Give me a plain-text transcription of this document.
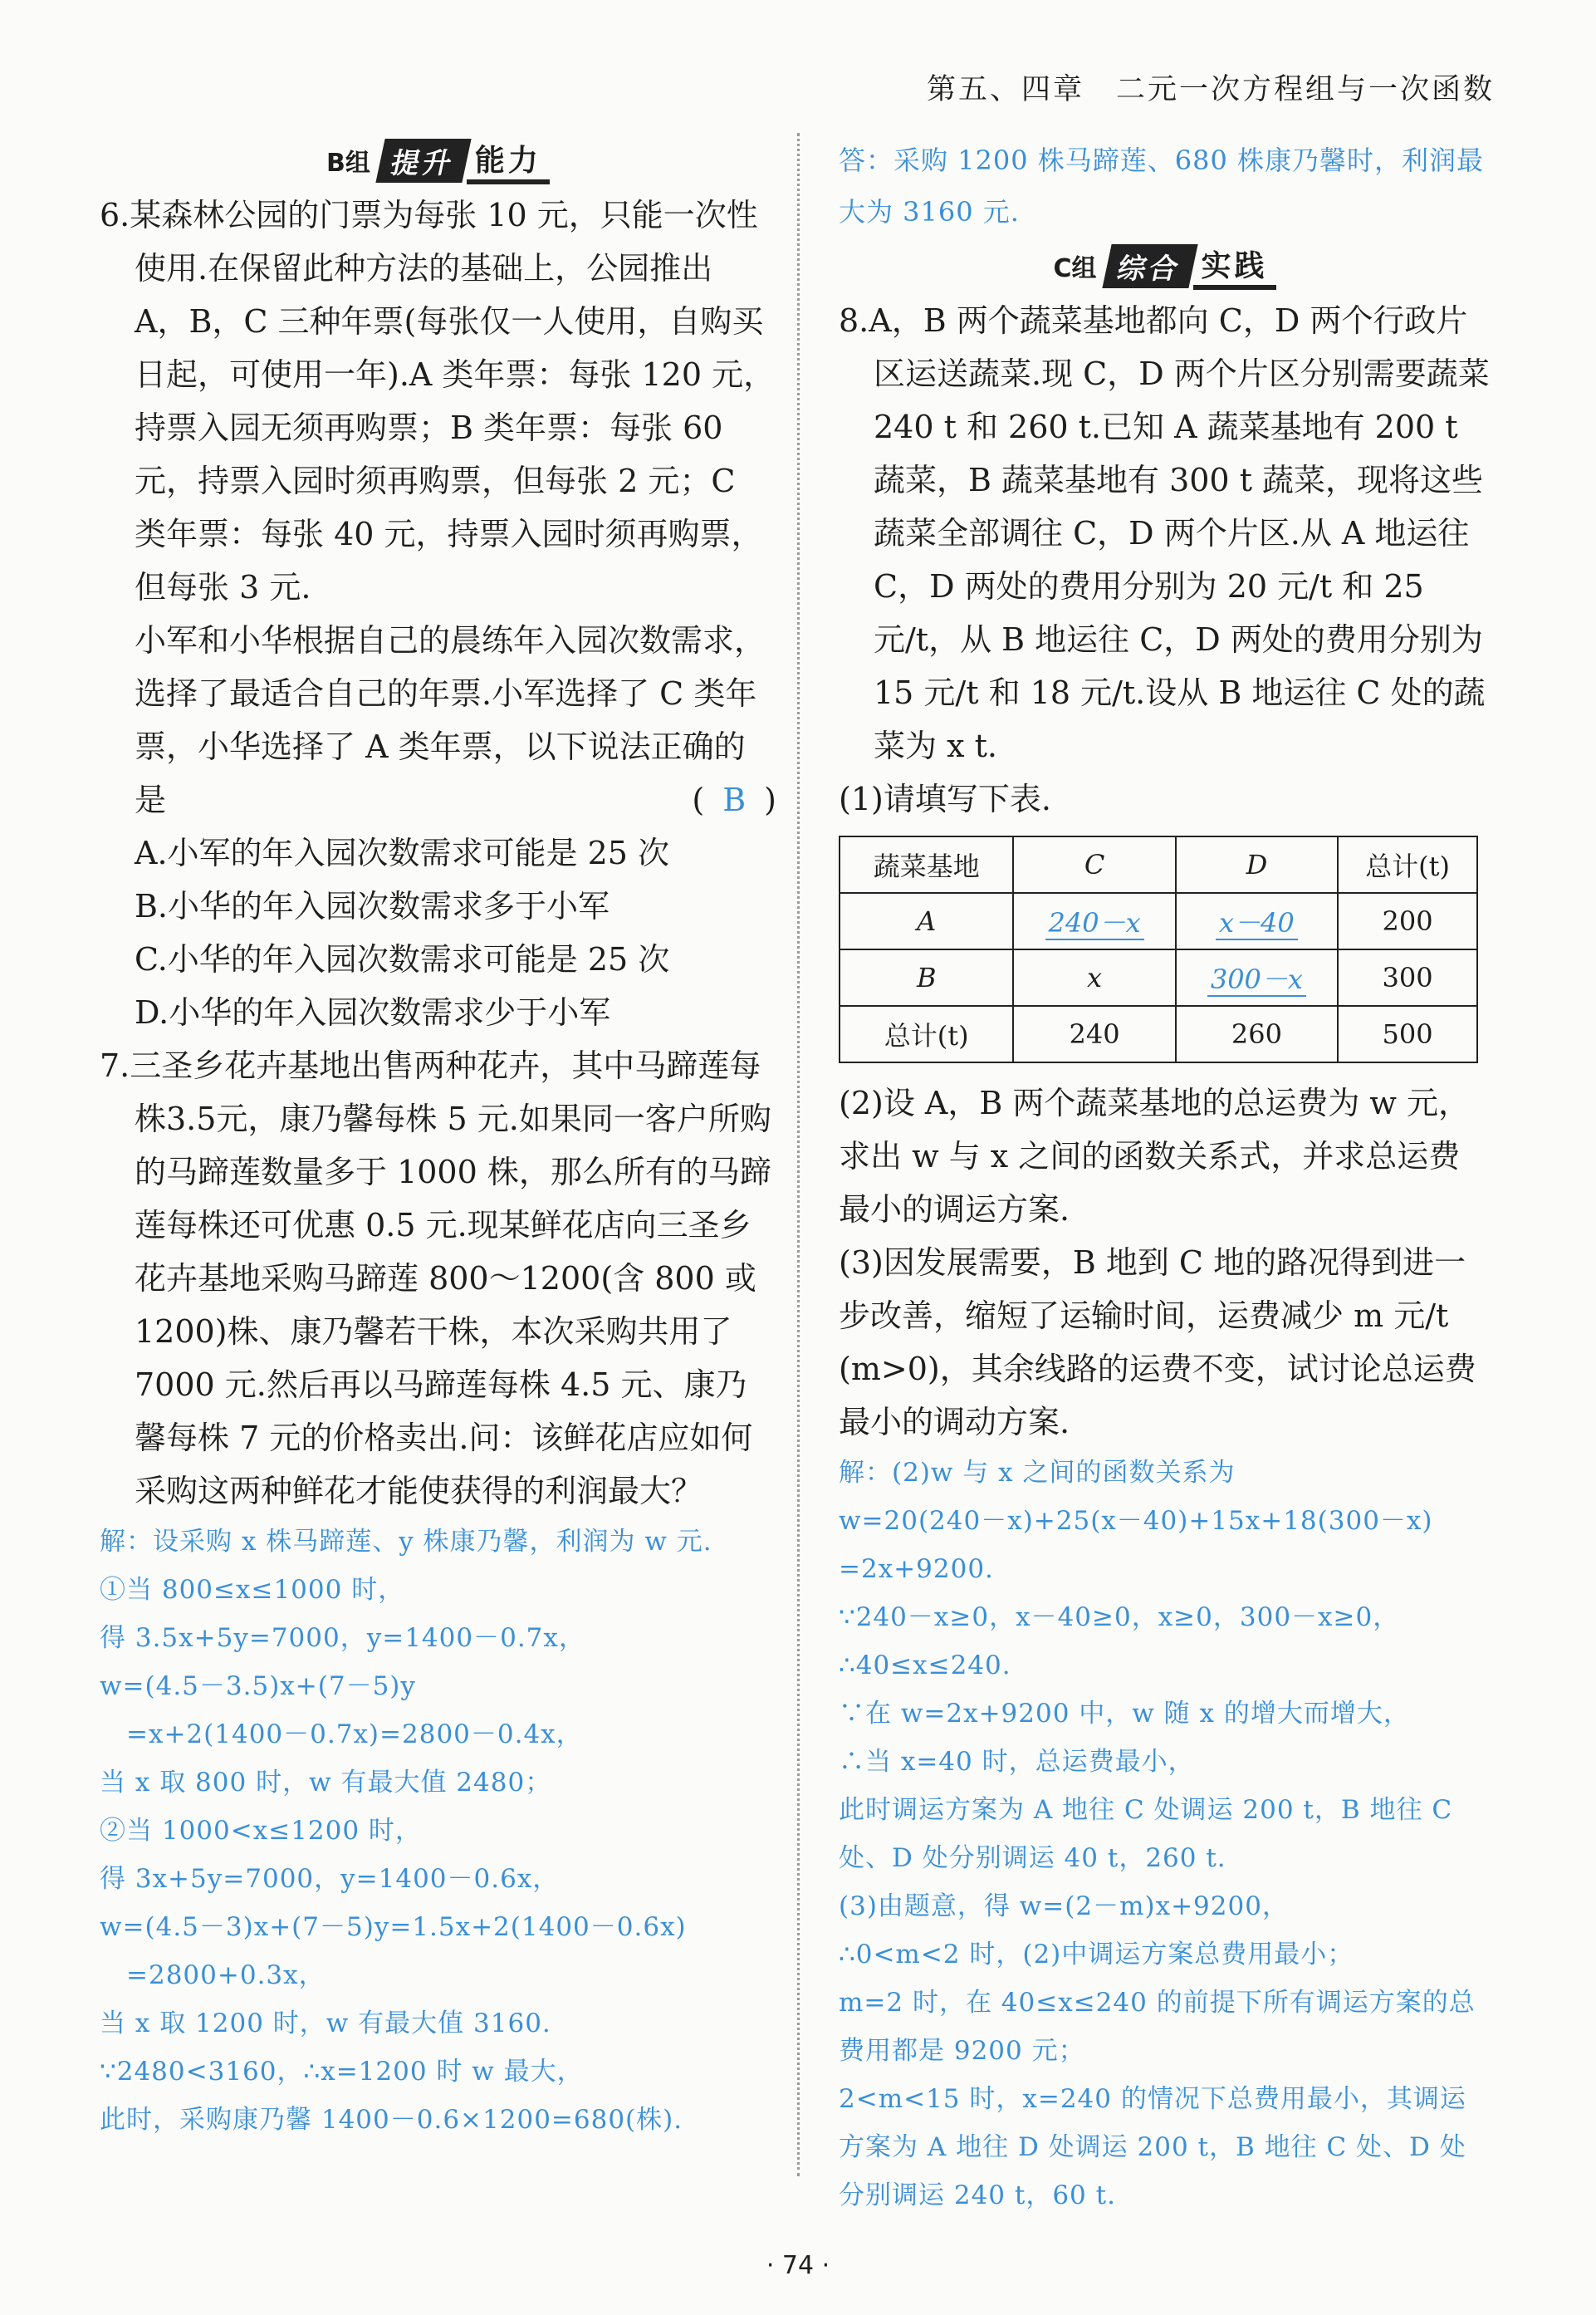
第五、四章　二元一次方程组与一次函数
B组 提升 能力

6.某森林公园的门票为每张 10 元，只能一次性使用.在保留此种方法的基础上，公园推出 A，B，C 三种年票(每张仅一人使用，自购买日起，可使用一年).A 类年票：每张 120 元，持票入园无须再购票；B 类年票：每张 60 元，持票入园时须再购票，但每张 2 元；C 类年票：每张 40 元，持票入园时须再购票，但每张 3 元.

小军和小华根据自己的晨练年入园次数需求，选择了最适合自己的年票.小军选择了 C 类年票，小华选择了 A 类年票，以下说法正确的是	( B )

A.小军的年入园次数需求可能是 25 次

B.小华的年入园次数需求多于小军

C.小华的年入园次数需求可能是 25 次

D.小华的年入园次数需求少于小军

7.三圣乡花卉基地出售两种花卉，其中马蹄莲每株3.5元，康乃馨每株 5 元.如果同一客户所购的马蹄莲数量多于 1000 株，那么所有的马蹄莲每株还可优惠 0.5 元.现某鲜花店向三圣乡花卉基地采购马蹄莲 800～1200(含 800 或 1200)株、康乃馨若干株，本次采购共用了 7000 元.然后再以马蹄莲每株 4.5 元、康乃馨每株 7 元的价格卖出.问：该鲜花店应如何采购这两种鲜花才能使获得的利润最大？

解：设采购 x 株马蹄莲、y 株康乃馨，利润为 w 元.

①当 800≤x≤1000 时，

得 3.5x+5y=7000，y=1400－0.7x，

w=(4.5－3.5)x+(7－5)y

　=x+2(1400－0.7x)=2800－0.4x，

当 x 取 800 时，w 有最大值 2480；

②当 1000<x≤1200 时，

得 3x+5y=7000，y=1400－0.6x，

w=(4.5－3)x+(7－5)y=1.5x+2(1400－0.6x)

　=2800+0.3x，

当 x 取 1200 时，w 有最大值 3160.

∵2480<3160，∴x=1200 时 w 最大，

此时，采购康乃馨 1400－0.6×1200=680(株).

答：采购 1200 株马蹄莲、680 株康乃馨时，利润最大为 3160 元.

C组 综合 实践

8.A，B 两个蔬菜基地都向 C，D 两个行政片区运送蔬菜.现 C，D 两个片区分别需要蔬菜 240 t 和 260 t.已知 A 蔬菜基地有 200 t 蔬菜，B 蔬菜基地有 300 t 蔬菜，现将这些蔬菜全部调往 C，D 两个片区.从 A 地运往 C，D 两处的费用分别为 20 元/t 和 25 元/t，从 B 地运往 C，D 两处的费用分别为 15 元/t 和 18 元/t.设从 B 地运往 C 处的蔬菜为 x t.

(1)请填写下表.

蔬菜基地	C	D	总计(t)
A	240－x	x－40	200
B	x	300－x	300
总计(t)	240	260	500

(2)设 A，B 两个蔬菜基地的总运费为 w 元，求出 w 与 x 之间的函数关系式，并求总运费最小的调运方案.

(3)因发展需要，B 地到 C 地的路况得到进一步改善，缩短了运输时间，运费减少 m 元/t (m>0)，其余线路的运费不变，试讨论总运费最小的调动方案.

解：(2)w 与 x 之间的函数关系为

w=20(240－x)+25(x－40)+15x+18(300－x)

=2x+9200.

∵240－x≥0，x－40≥0，x≥0，300－x≥0，

∴40≤x≤240.

∵在 w=2x+9200 中，w 随 x 的增大而增大，

∴当 x=40 时，总运费最小，

此时调运方案为 A 地往 C 处调运 200 t，B 地往 C 处、D 处分别调运 40 t，260 t.

(3)由题意，得 w=(2－m)x+9200，

∴0<m<2 时，(2)中调运方案总费用最小；

m=2 时，在 40≤x≤240 的前提下所有调运方案的总费用都是 9200 元；

2<m<15 时，x=240 的情况下总费用最小，其调运方案为 A 地往 D 处调运 200 t，B 地往 C 处、D 处分别调运 240 t，60 t.

· 74 ·
